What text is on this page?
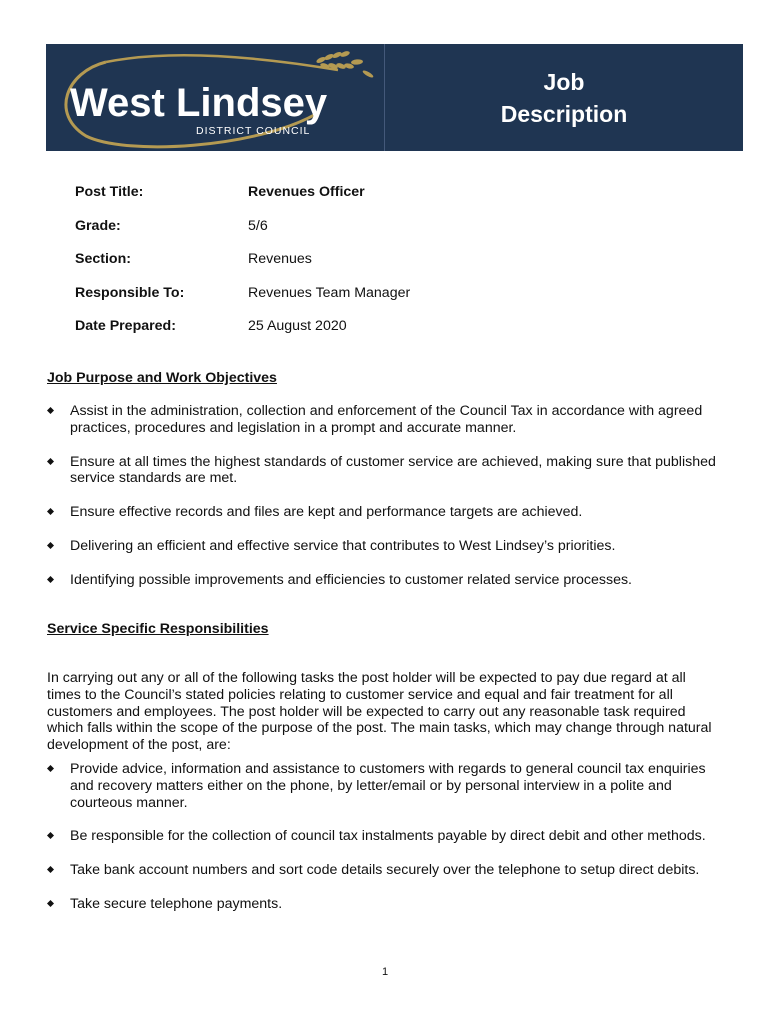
West Lindsey
DISTRICT COUNCIL
Job
Description
Post Title:	Revenues Officer
Grade:	5/6
Section:	Revenues
Responsible To:	Revenues Team Manager
Date Prepared:	25 August 2020
Job Purpose and Work Objectives
Assist in the administration, collection and enforcement of the Council Tax in accordance with agreed practices, procedures and legislation in a prompt and accurate manner.
Ensure at all times the highest standards of customer service are achieved, making sure that published service standards are met.
Ensure effective records and files are kept and performance targets are achieved.
Delivering an efficient and effective service that contributes to West Lindsey’s priorities.
Identifying possible improvements and efficiencies to customer related service processes.
Service Specific Responsibilities
In carrying out any or all of the following tasks the post holder will be expected to pay due regard at all times to the Council’s stated policies relating to customer service and equal and fair treatment for all customers and employees. The post holder will be expected to carry out any reasonable task required which falls within the scope of the purpose of the post. The main tasks, which may change through natural development of the post, are:
Provide advice, information and assistance to customers with regards to general council tax enquiries and recovery matters either on the phone, by letter/email or by personal interview in a polite and courteous manner.
Be responsible for the collection of council tax instalments payable by direct debit and other methods.
Take bank account numbers and sort code details securely over the telephone to setup direct debits.
Take secure telephone payments.
1
